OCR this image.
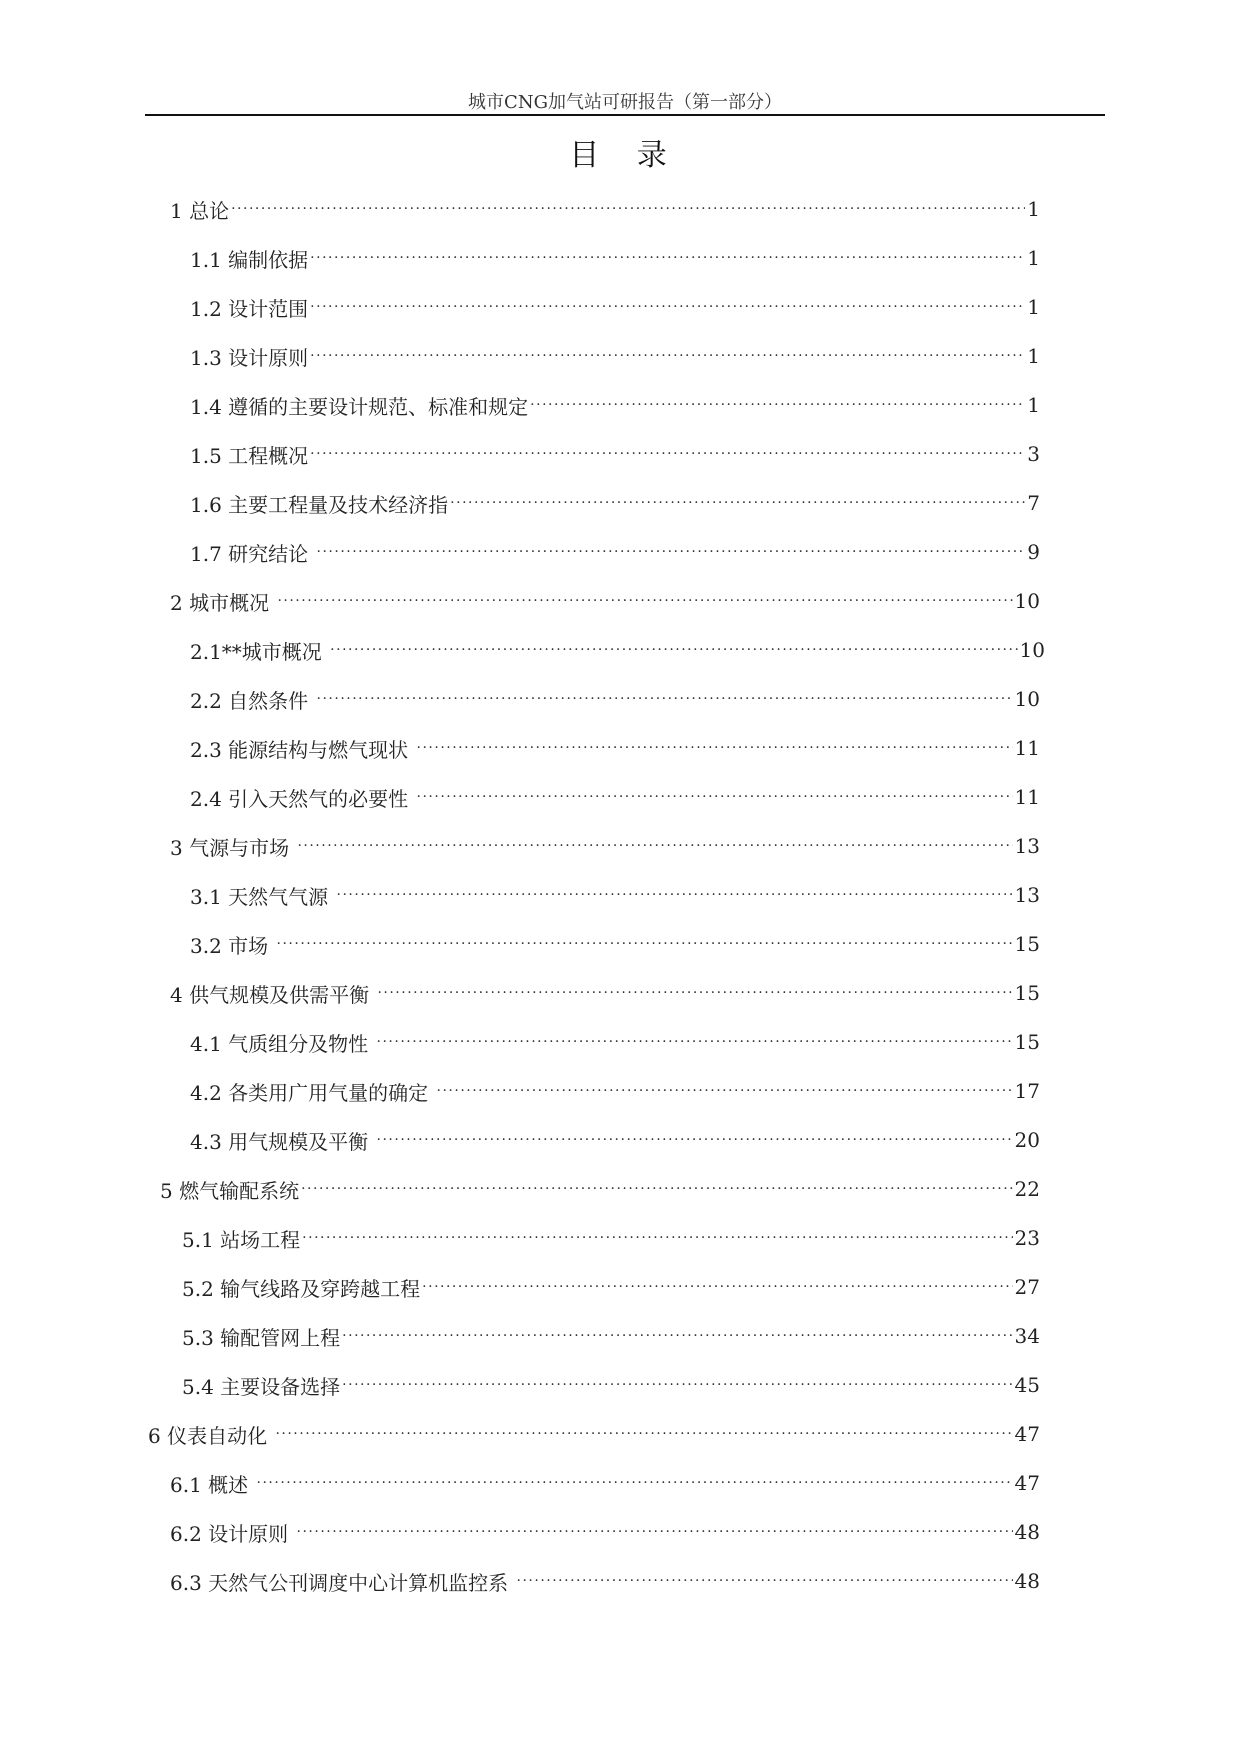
城市CNG加气站可研报告（第一部分）
目 录
1 总论 ·····	1
1.1 编制依据 ·····	1
1.2 设计范围 ·····	1
1.3 设计原则 ·····	1
1.4 遵循的主要设计规范、标准和规定 ·····	1
1.5 工程概况 ·····	3
1.6 主要工程量及技术经济指 ·····	7
1.7 研究结论 ·····	9
2 城市概况 ·····	10
2.1**城市概况 ·····	10
2.2 自然条件 ·····	10
2.3 能源结构与燃气现状 ·····	11
2.4 引入天然气的必要性 ·····	11
3 气源与市场 ·····	13
3.1 天然气气源 ·····	13
3.2 市场 ·····	15
4 供气规模及供需平衡 ·····	15
4.1 气质组分及物性 ·····	15
4.2 各类用广用气量的确定 ·····	17
4.3 用气规模及平衡 ·····	20
5 燃气输配系统 ·····	22
5.1 站场工程 ·····	23
5.2 输气线路及穿跨越工程 ·····	27
5.3 输配管网上程 ·····	34
5.4 主要设备选择 ·····	45
6 仪表自动化 ·····	47
6.1 概述 ·····	47
6.2 设计原则 ·····	48
6.3 天然气公刊调度中心计算机监控系 ·····	48
